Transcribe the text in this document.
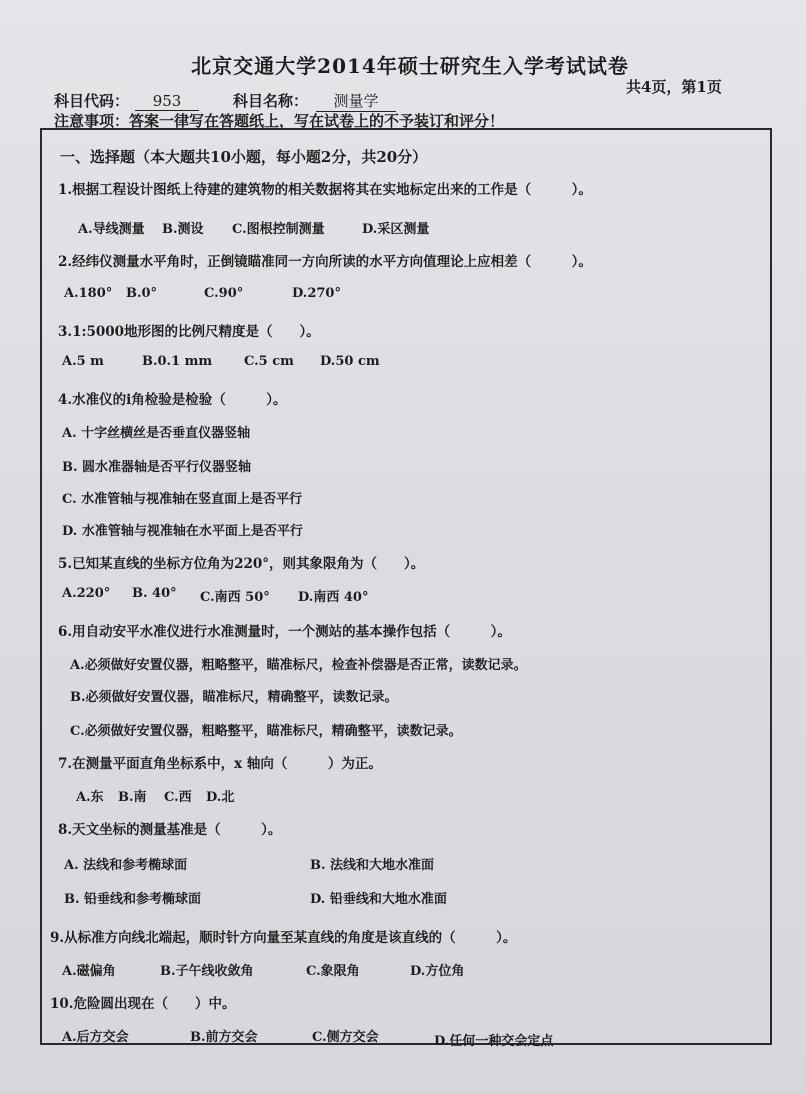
北京交通大学2014年硕士研究生入学考试试卷
共4页，第1页
科目代码： 953	科目名称： 测量学
注意事项：答案一律写在答题纸上，写在试卷上的不予装订和评分！
一、选择题（本大题共10小题，每小题2分，共20分）
1.根据工程设计图纸上待建的建筑物的相关数据将其在实地标定出来的工作是（　　　）。
A.导线测量 B.测设 C.图根控制测量	D.采区测量
2.经纬仪测量水平角时，正倒镜瞄准同一方向所读的水平方向值理论上应相差（　　　）。
A.180° B.0°	C.90°	D.270°
3.1:5000地形图的比例尺精度是（　　）。
A.5 m	B.0.1 mm C.5 cm D.50 cm
4.水准仪的i角检验是检验（　　　）。
A. 十字丝横丝是否垂直仪器竖轴
B. 圆水准器轴是否平行仪器竖轴
C. 水准管轴与视准轴在竖直面上是否平行
D. 水准管轴与视准轴在水平面上是否平行
5.已知某直线的坐标方位角为220°，则其象限角为（　　）。
A.220° B. 40° C.南西 50° D.南西 40°
6.用自动安平水准仪进行水准测量时，一个测站的基本操作包括（　　　）。
A.必须做好安置仪器，粗略整平，瞄准标尺，检查补偿器是否正常，读数记录。
B.必须做好安置仪器，瞄准标尺，精确整平，读数记录。
C.必须做好安置仪器，粗略整平，瞄准标尺，精确整平，读数记录。
7.在测量平面直角坐标系中，x 轴向（　　　）为正。
A.东 B.南 C.西 D.北
8.天文坐标的测量基准是（　　　）。
A. 法线和参考椭球面	B. 法线和大地水准面
B. 铅垂线和参考椭球面	D. 铅垂线和大地水准面
9.从标准方向线北端起，顺时针方向量至某直线的角度是该直线的（　　　）。
A.磁偏角	B.子午线收敛角	C.象限角	D.方位角
10.危险圆出现在（　　）中。
A.后方交会	B.前方交会	C.侧方交会	D.任何一种交会定点
